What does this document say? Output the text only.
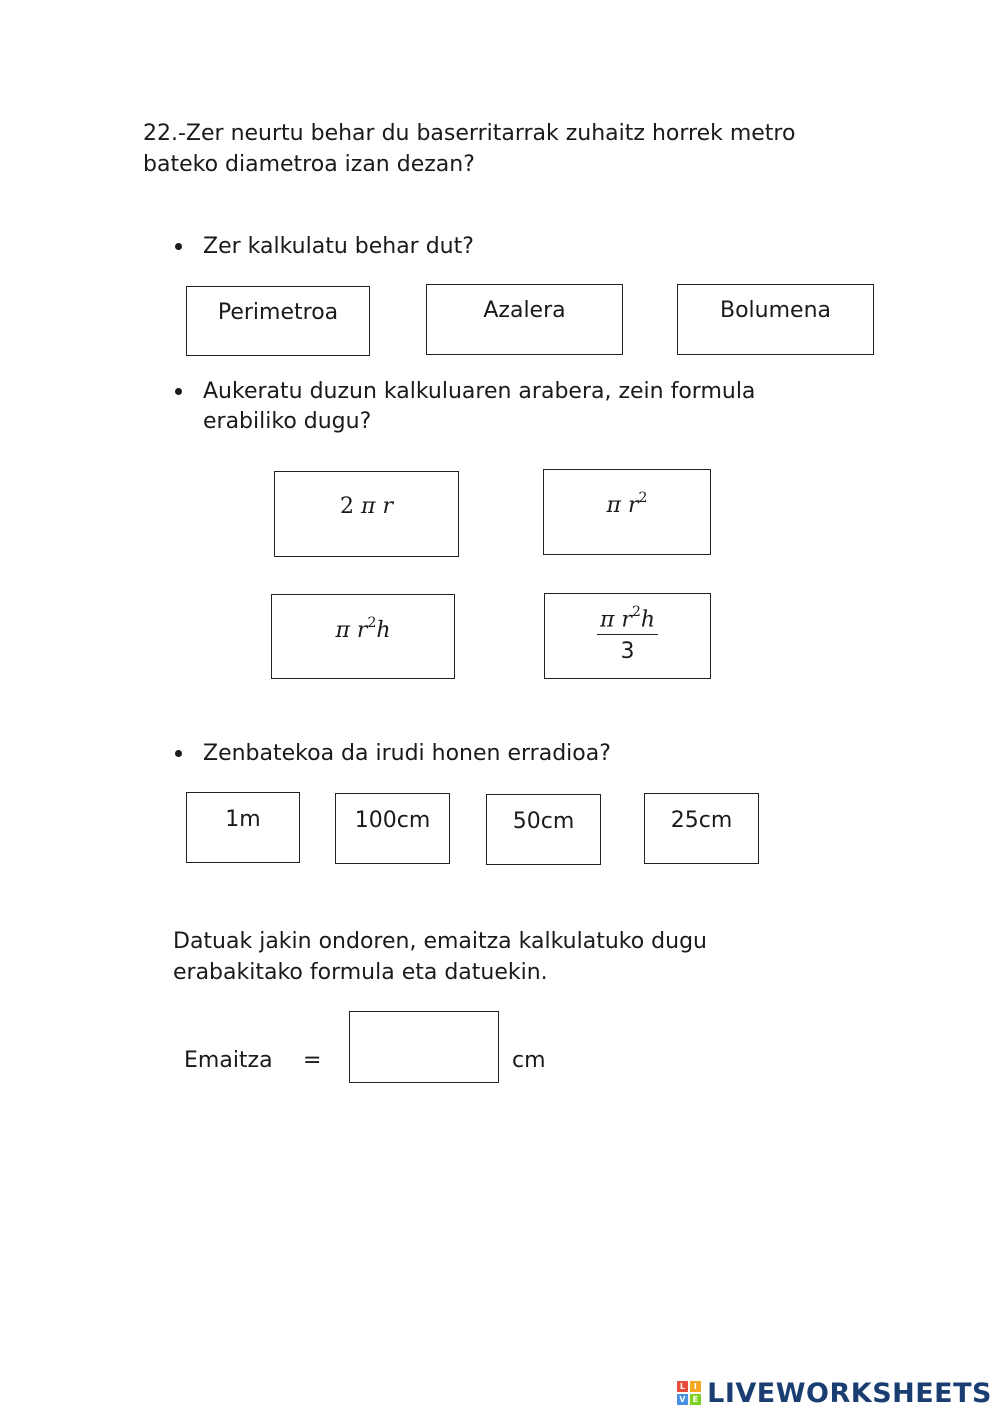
22.-Zer neurtu behar du baserritarrak zuhaitz horrek metro
bateko diametroa izan dezan?
Zer kalkulatu behar dut?
Perimetroa	Azalera	Bolumena
Aukeratu duzun kalkuluaren arabera, zein formula
erabiliko dugu?
2 π r	π $r^2$
π $r^2h$	π $r^2h$
3
Zenbatekoa da irudi honen erradioa?
1m	100cm	50cm	25cm
Datuak jakin ondoren, emaitza kalkulatuko dugu
erabakitako formula eta datuekin.
Emaitza =	cm
L	I
V E LIVEWORKSHEETS
